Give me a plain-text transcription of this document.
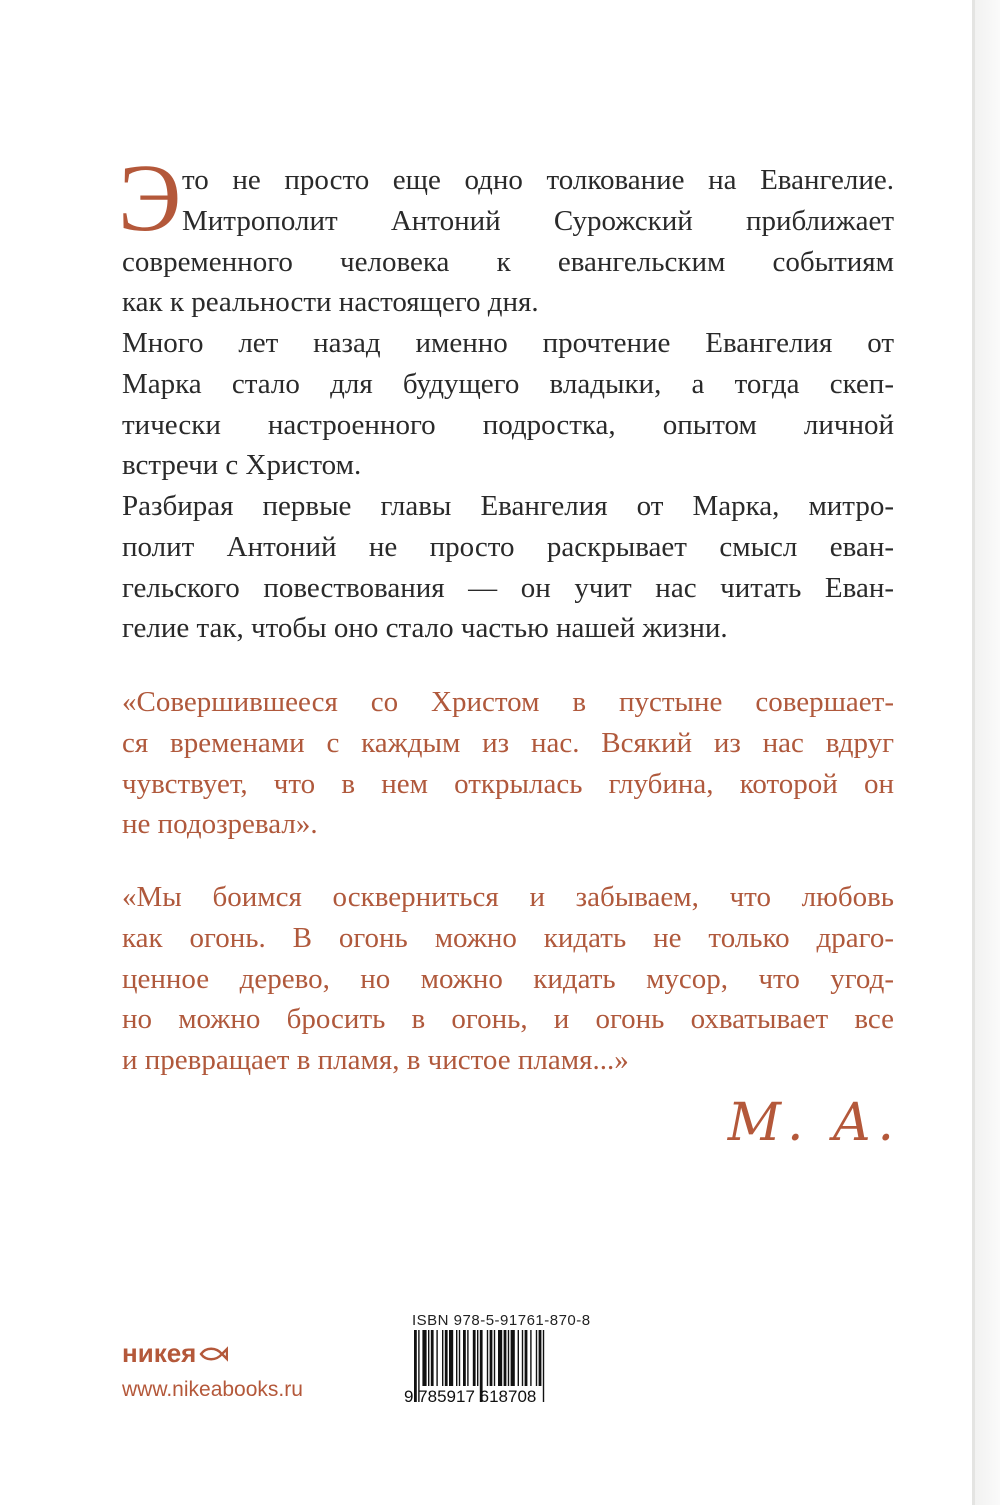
Э то не просто еще одно толкование на Евангелие.
Митрополит Антоний Сурожский приближает
современного человека к евангельским событиям
как к реальности настоящего дня.
Много лет назад именно прочтение Евангелия от
Марка стало для будущего владыки, а тогда скеп-
тически настроенного подростка, опытом личной
встречи с Христом.
Разбирая первые главы Евангелия от Марка, митро-
полит Антоний не просто раскрывает смысл еван-
гельского повествования — он учит нас читать Еван-
гелие так, чтобы оно стало частью нашей жизни.
«Совершившееся со Христом в пустыне совершает-
ся временами с каждым из нас. Всякий из нас вдруг
чувствует, что в нем открылась глубина, которой он
не подозревал».
«Мы боимся оскверниться и забываем, что любовь
как огонь. В огонь можно кидать не только драго-
ценное дерево, но можно кидать мусор, что угод-
но можно бросить в огонь, и огонь охватывает все
и превращает в пламя, в чистое пламя...»
М. А.
никея
www.nikeabooks.ru
ISBN 978-5-91761-870-8
9 785917 618708
